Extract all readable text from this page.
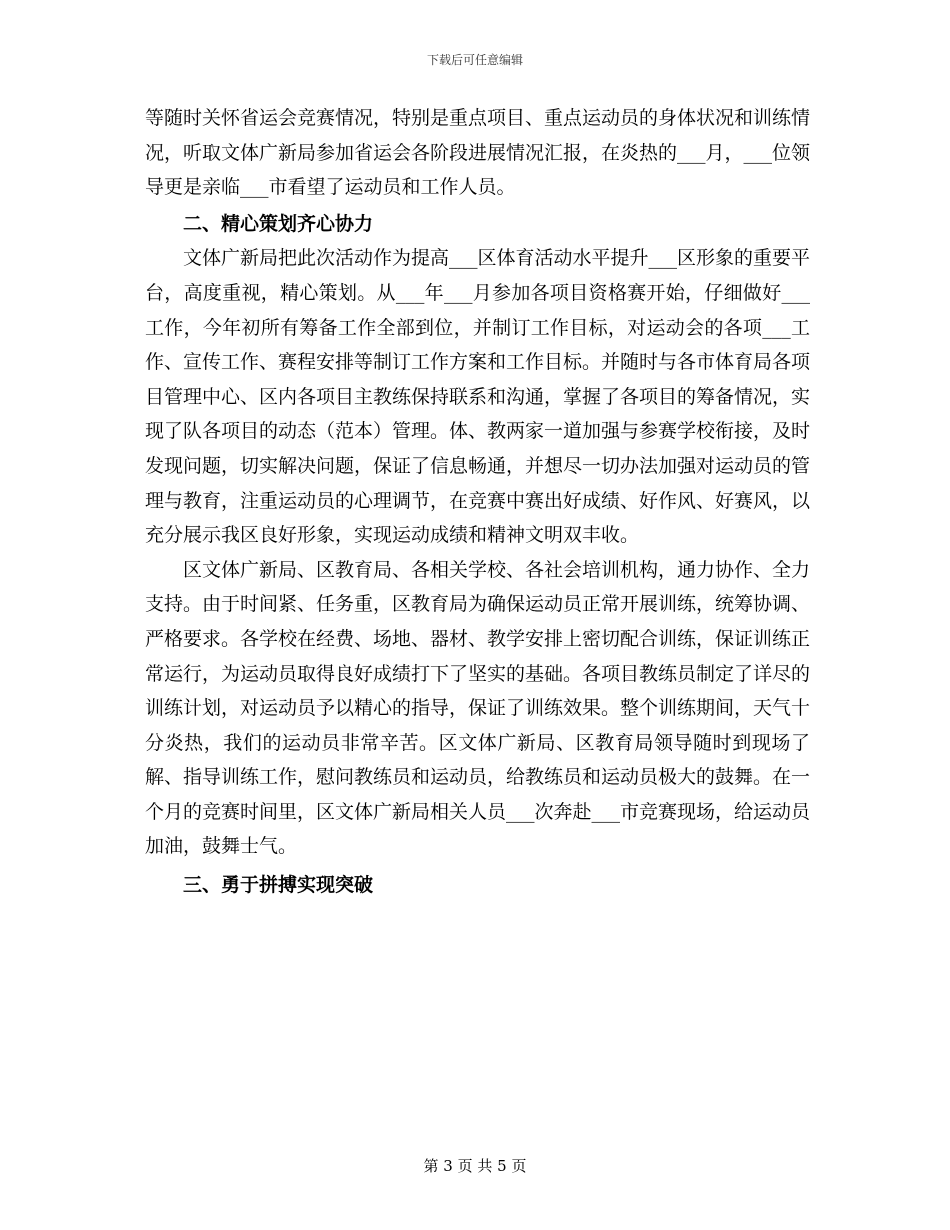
下载后可任意编辑

等随时关怀省运会竞赛情况，特别是重点项目、重点运动员的身体状况和训练情况，听取文体广新局参加省运会各阶段进展情况汇报，在炎热的___月，___位领导更是亲临___市看望了运动员和工作人员。

二、精心策划齐心协力

文体广新局把此次活动作为提高___区体育活动水平提升___区形象的重要平台，高度重视，精心策划。从___年___月参加各项目资格赛开始，仔细做好___工作，今年初所有筹备工作全部到位，并制订工作目标，对运动会的各项___工作、宣传工作、赛程安排等制订工作方案和工作目标。并随时与各市体育局各项目管理中心、区内各项目主教练保持联系和沟通，掌握了各项目的筹备情况，实现了队各项目的动态（范本）管理。体、教两家一道加强与参赛学校衔接，及时发现问题，切实解决问题，保证了信息畅通，并想尽一切办法加强对运动员的管理与教育，注重运动员的心理调节，在竞赛中赛出好成绩、好作风、好赛风，以充分展示我区良好形象，实现运动成绩和精神文明双丰收。

区文体广新局、区教育局、各相关学校、各社会培训机构，通力协作、全力支持。由于时间紧、任务重，区教育局为确保运动员正常开展训练，统筹协调、严格要求。各学校在经费、场地、器材、教学安排上密切配合训练，保证训练正常运行，为运动员取得良好成绩打下了坚实的基础。各项目教练员制定了详尽的训练计划，对运动员予以精心的指导，保证了训练效果。整个训练期间，天气十分炎热，我们的运动员非常辛苦。区文体广新局、区教育局领导随时到现场了解、指导训练工作，慰问教练员和运动员，给教练员和运动员极大的鼓舞。在一个月的竞赛时间里，区文体广新局相关人员___次奔赴___市竞赛现场，给运动员加油，鼓舞士气。

三、勇于拼搏实现突破

第 3 页 共 5 页
